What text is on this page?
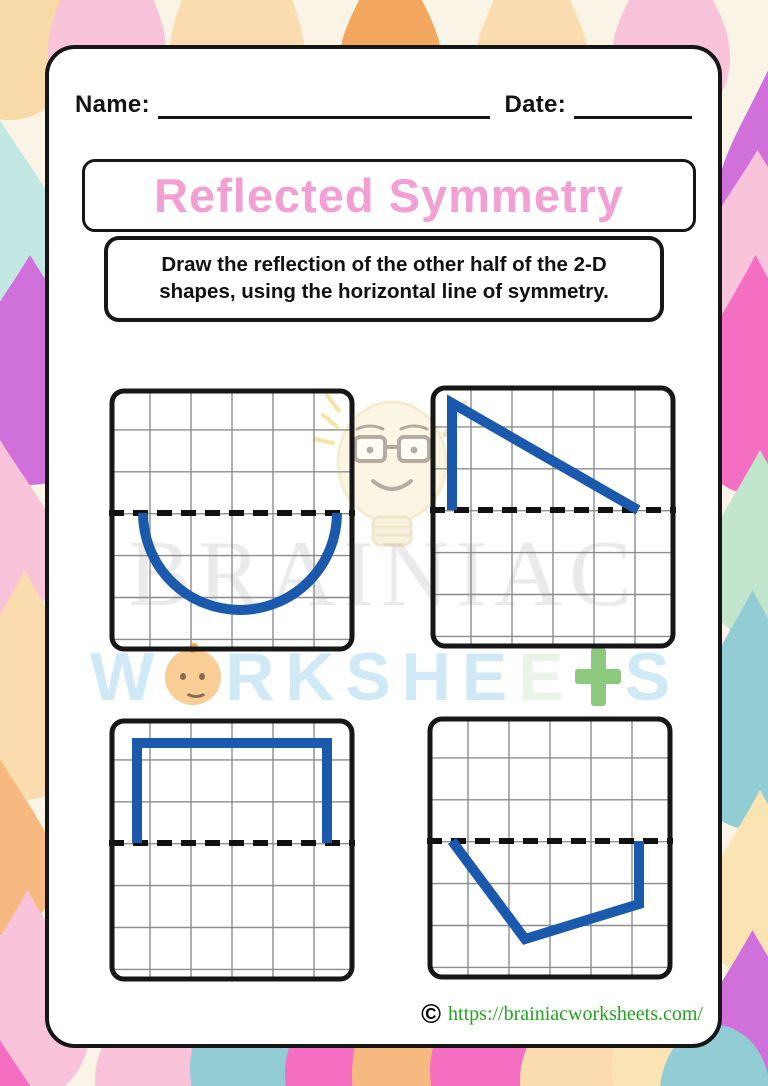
Name:	Date:
Reflected Symmetry
Draw the reflection of the other half of the 2-D
shapes, using the horizontal line of symmetry.
BRAINIAC
W R K S H E E S
© https://brainiacworksheets.com/
